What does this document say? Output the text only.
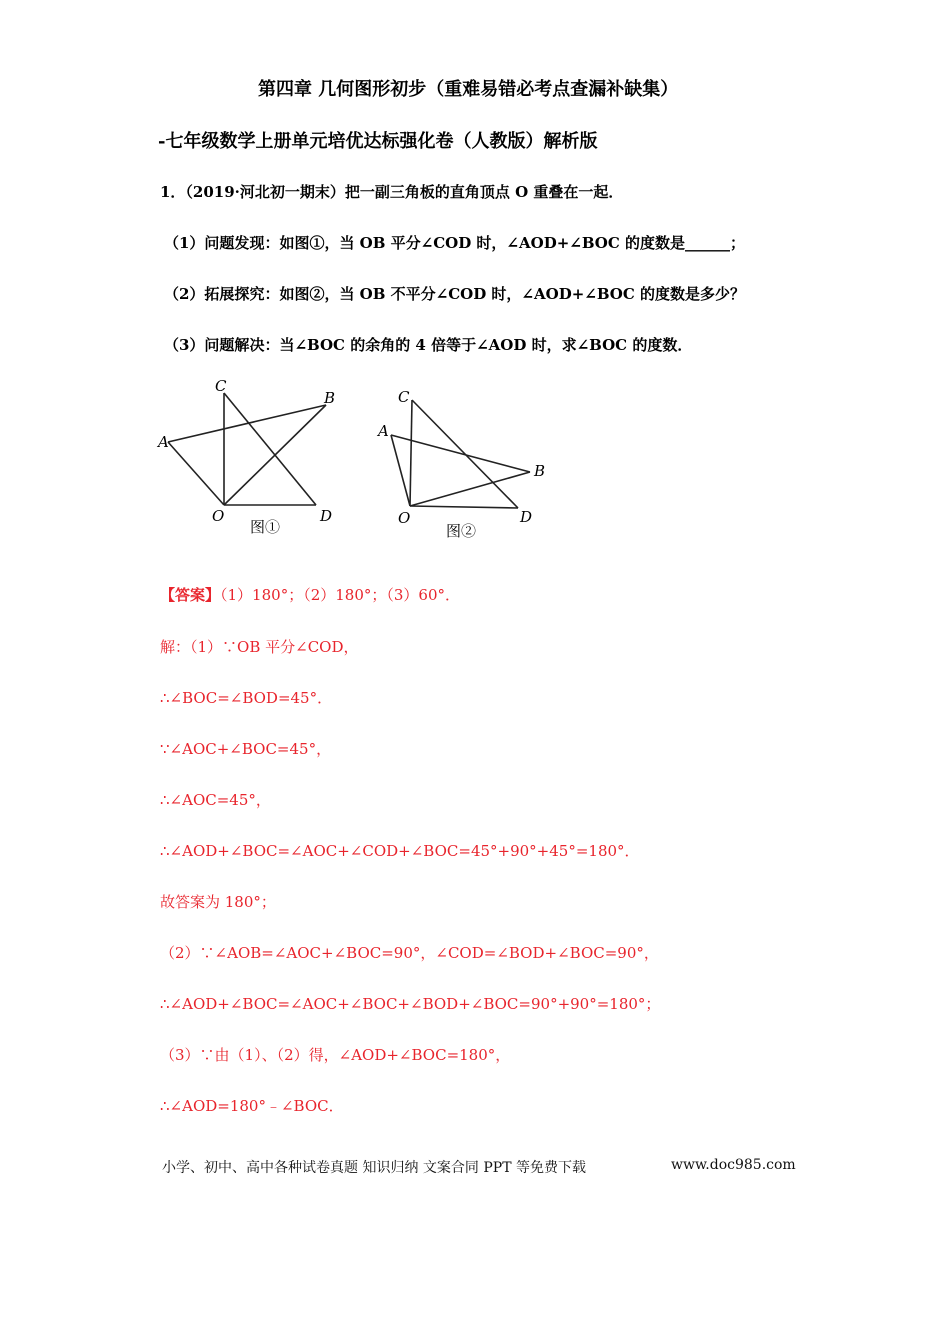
第四章 几何图形初步（重难易错必考点查漏补缺集）
-七年级数学上册单元培优达标强化卷（人教版）解析版
1．（2019·河北初一期末）把一副三角板的直角顶点 O 重叠在一起．
（1）问题发现：如图①，当 OB 平分∠COD 时，∠AOD+∠BOC 的度数是______；
（2）拓展探究：如图②，当 OB 不平分∠COD 时，∠AOD+∠BOC 的度数是多少？
（3）问题解决：当∠BOC 的余角的 4 倍等于∠AOD 时，求∠BOC 的度数．
C
B
A
O	D
图①
C
A
B
O	D
图②
【答案】（1）180°；（2）180°；（3）60°．
解：（1）∵OB 平分∠COD，
∴∠BOC=∠BOD=45°．
∵∠AOC+∠BOC=45°，
∴∠AOC=45°，
∴∠AOD+∠BOC=∠AOC+∠COD+∠BOC=45°+90°+45°=180°．
故答案为 180°；
（2）∵∠AOB=∠AOC+∠BOC=90°，∠COD=∠BOD+∠BOC=90°，
∴∠AOD+∠BOC=∠AOC+∠BOC+∠BOD+∠BOC=90°+90°=180°；
（3）∵由（1）、（2）得，∠AOD+∠BOC=180°，
∴∠AOD=180°﹣∠BOC．
小学、初中、高中各种试卷真题 知识归纳 文案合同 PPT 等免费下载	www.doc985.com
